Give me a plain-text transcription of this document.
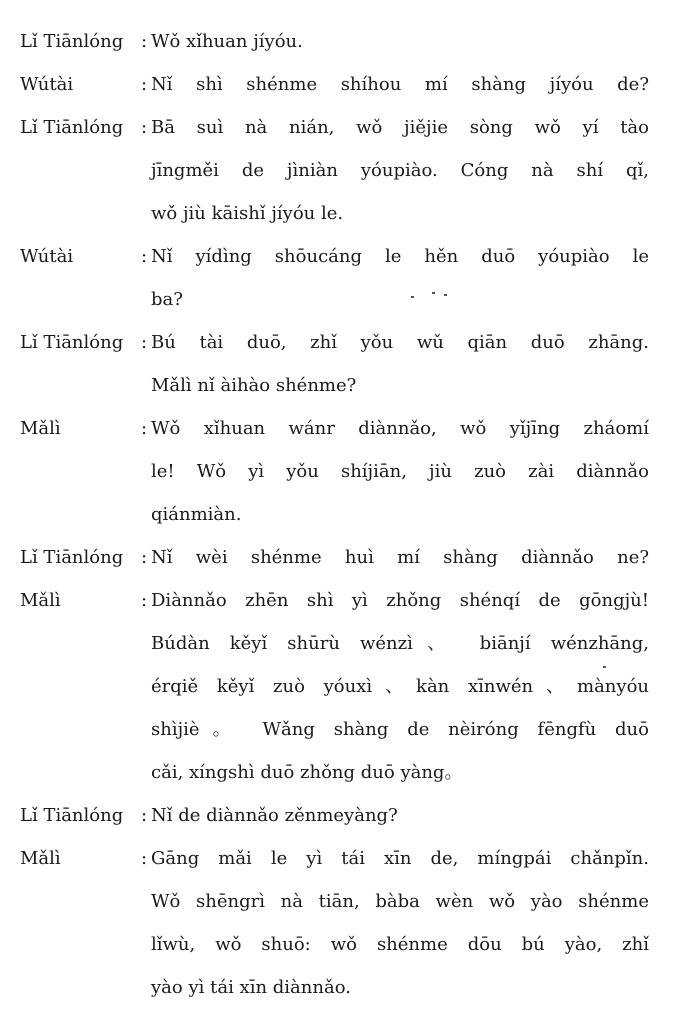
Lǐ Tiānlóng : Wǒ xǐhuan jíyóu.
Wútài	: Nǐ shì shénme shíhou mí shàng jíyóu de?
Lǐ Tiānlóng : Bā suì nà nián, wǒ jiějie sòng wǒ yí tào
jīngměi de jìniàn yóupiào. Cóng nà shí qǐ,
wǒ jiù kāishǐ jíyóu le.
Wútài	: Nǐ yídìng shōucáng le hěn duō yóupiào le
ba?
Lǐ Tiānlóng : Bú tài duō, zhǐ yǒu wǔ qiān duō zhāng.
Mǎlì nǐ àihào shénme?
Mǎlì	: Wǒ xǐhuan wánr diànnǎo, wǒ yǐjīng zháomí
le! Wǒ yì yǒu shíjiān, jiù zuò zài diànnǎo
qiánmiàn.
Lǐ Tiānlóng : Nǐ wèi shénme huì mí shàng diànnǎo ne?
Mǎlì	: Diànnǎo zhēn shì yì zhǒng shénqí de gōngjù!
Búdàn kěyǐ shūrù wénzì、 biānjí wénzhāng,
érqiě kěyǐ zuò yóuxì、kàn xīnwén、mànyóu
shìjiè。 Wǎng shàng de nèiróng fēngfù duō
cǎi, xíngshì duō zhǒng duō yàng。
Lǐ Tiānlóng : Nǐ de diànnǎo zěnmeyàng?
Mǎlì	: Gāng mǎi le yì tái xīn de, míngpái chǎnpǐn.
Wǒ shēngrì nà tiān, bàba wèn wǒ yào shénme
lǐwù, wǒ shuō: wǒ shénme dōu bú yào, zhǐ
yào yì tái xīn diànnǎo.
